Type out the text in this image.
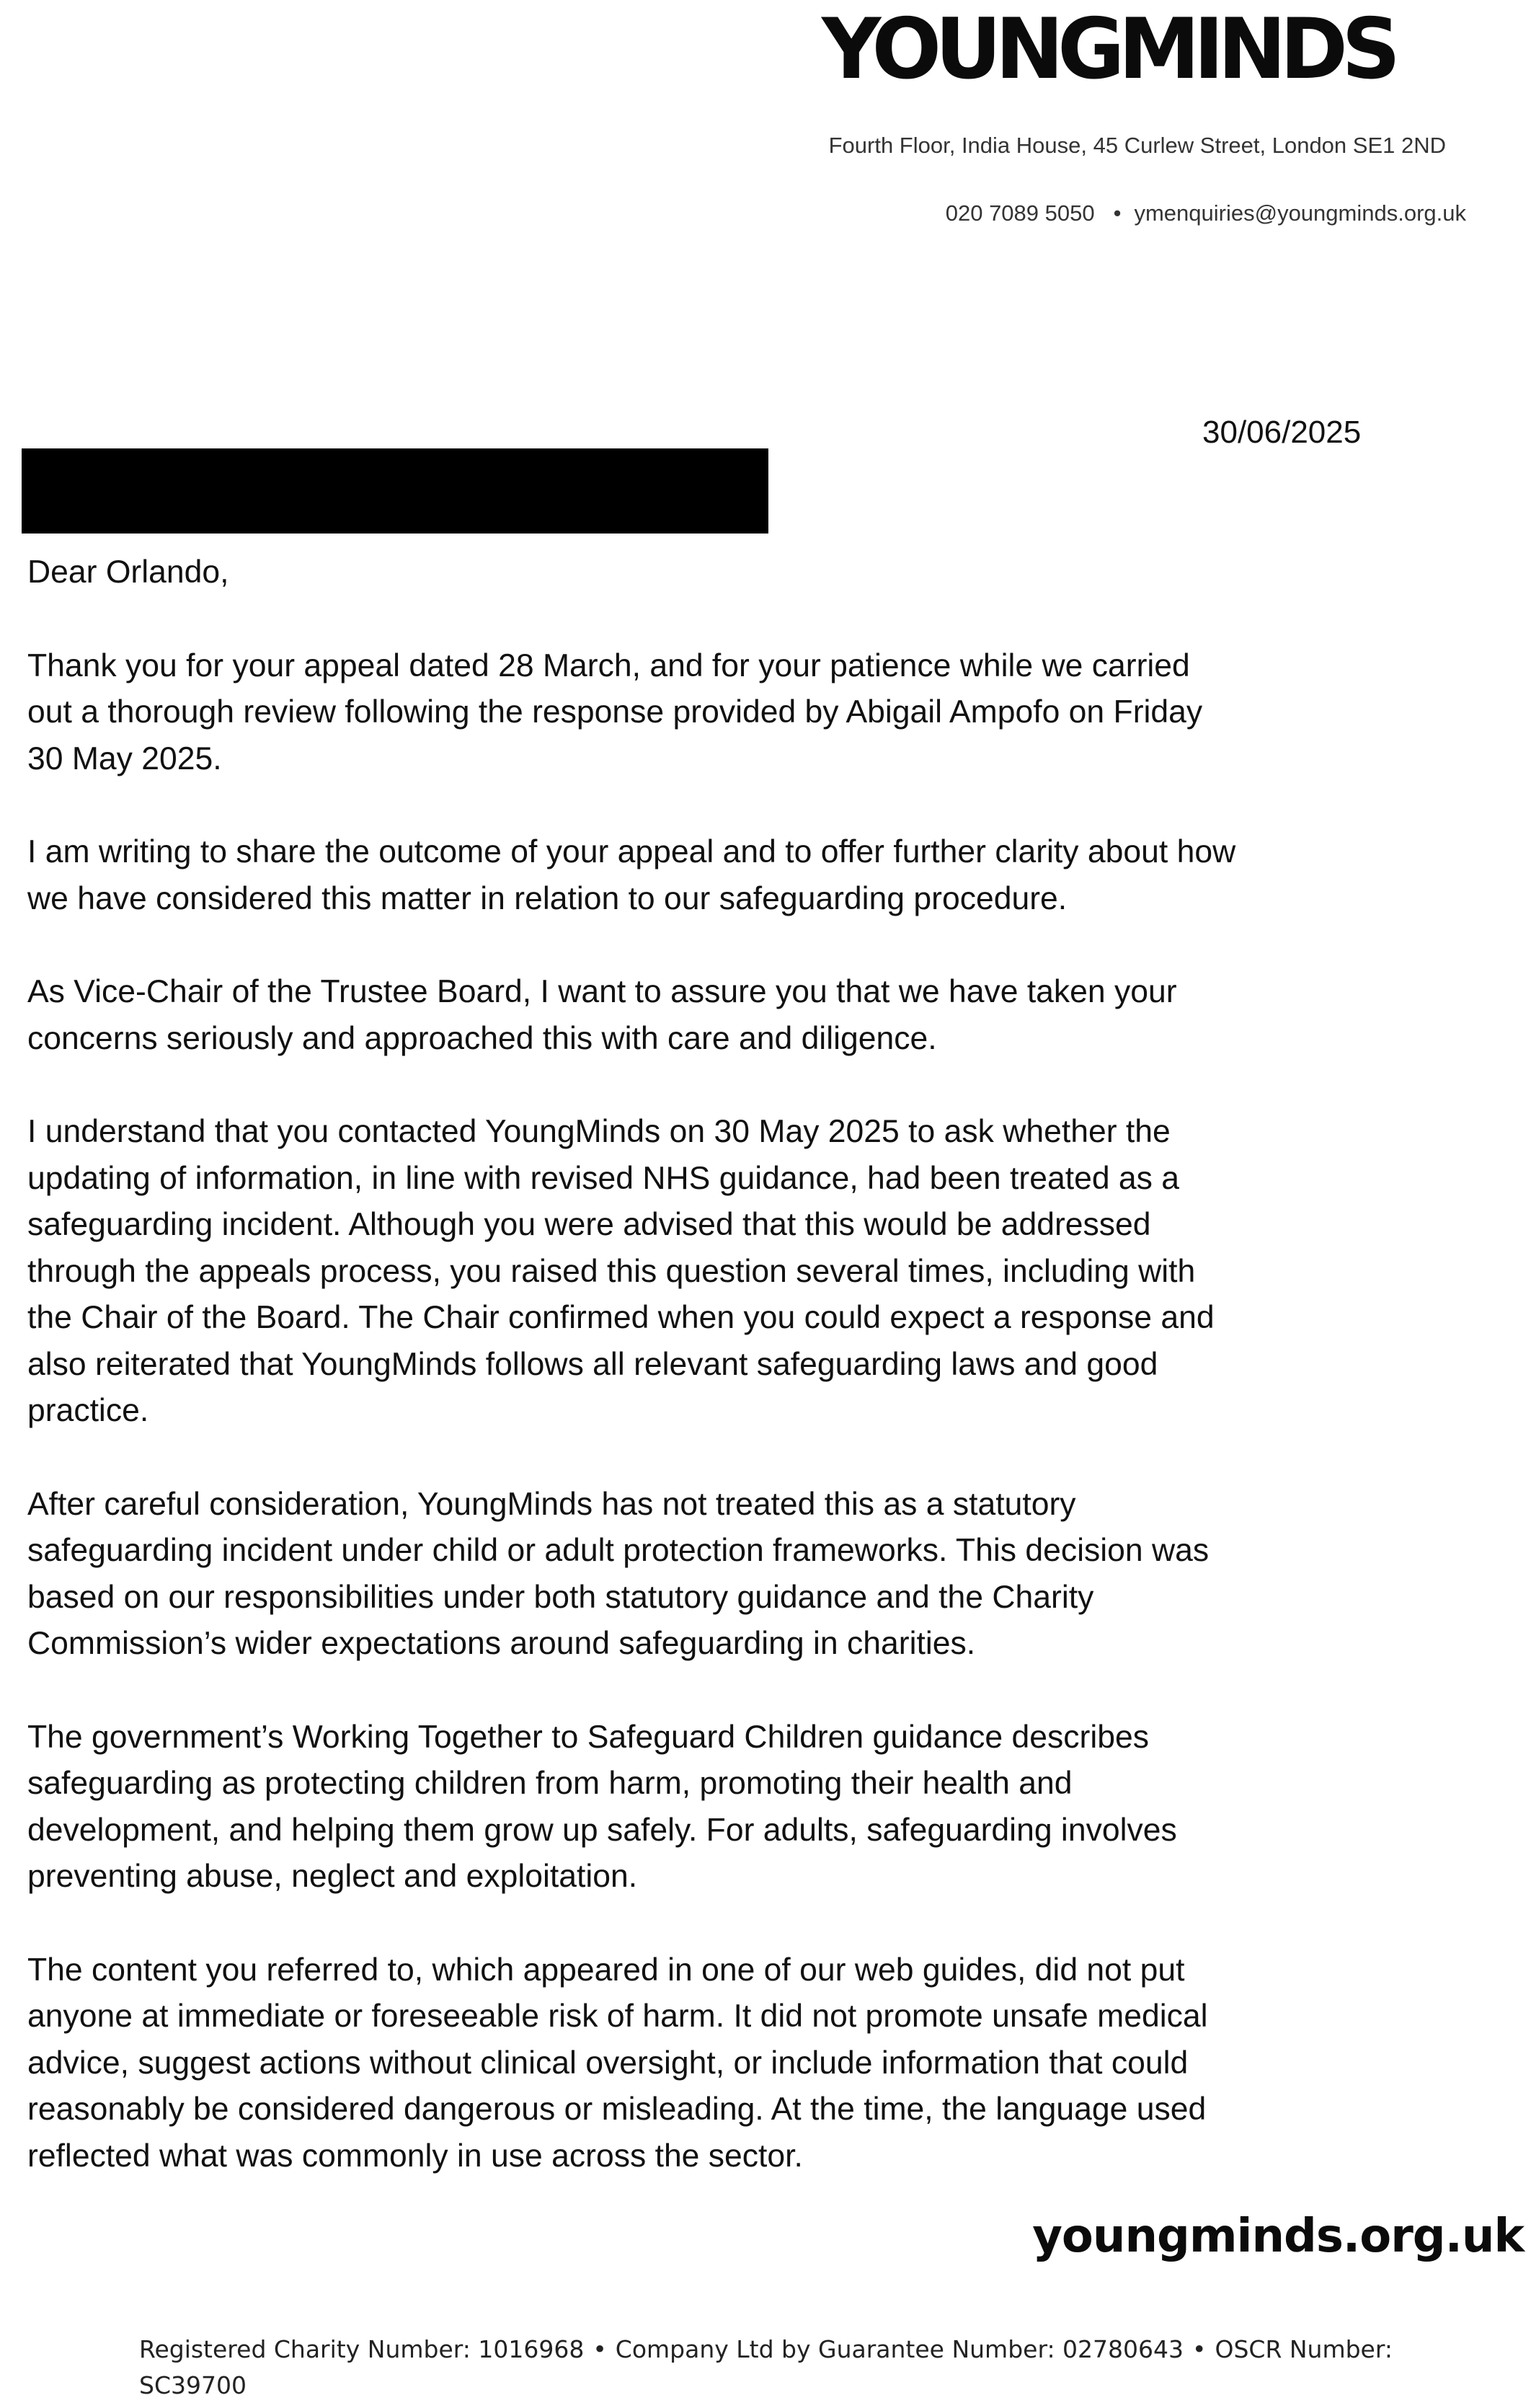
YOUNGMINDS
Fourth Floor, India House, 45 Curlew Street, London SE1 2ND
020 7089 5050 • ymenquiries@youngminds.org.uk
30/06/2025

Dear Orlando,

Thank you for your appeal dated 28 March, and for your patience while we carried
out a thorough review following the response provided by Abigail Ampofo on Friday
30 May 2025.

I am writing to share the outcome of your appeal and to offer further clarity about how
we have considered this matter in relation to our safeguarding procedure.

As Vice-Chair of the Trustee Board, I want to assure you that we have taken your
concerns seriously and approached this with care and diligence.

I understand that you contacted YoungMinds on 30 May 2025 to ask whether the
updating of information, in line with revised NHS guidance, had been treated as a
safeguarding incident. Although you were advised that this would be addressed
through the appeals process, you raised this question several times, including with
the Chair of the Board. The Chair confirmed when you could expect a response and
also reiterated that YoungMinds follows all relevant safeguarding laws and good
practice.

After careful consideration, YoungMinds has not treated this as a statutory
safeguarding incident under child or adult protection frameworks. This decision was
based on our responsibilities under both statutory guidance and the Charity
Commission’s wider expectations around safeguarding in charities.

The government’s Working Together to Safeguard Children guidance describes
safeguarding as protecting children from harm, promoting their health and
development, and helping them grow up safely. For adults, safeguarding involves
preventing abuse, neglect and exploitation.

The content you referred to, which appeared in one of our web guides, did not put
anyone at immediate or foreseeable risk of harm. It did not promote unsafe medical
advice, suggest actions without clinical oversight, or include information that could
reasonably be considered dangerous or misleading. At the time, the language used
reflected what was commonly in use across the sector.

youngminds.org.uk
Registered Charity Number: 1016968 • Company Ltd by Guarantee Number: 02780643 • OSCR Number:
SC39700
